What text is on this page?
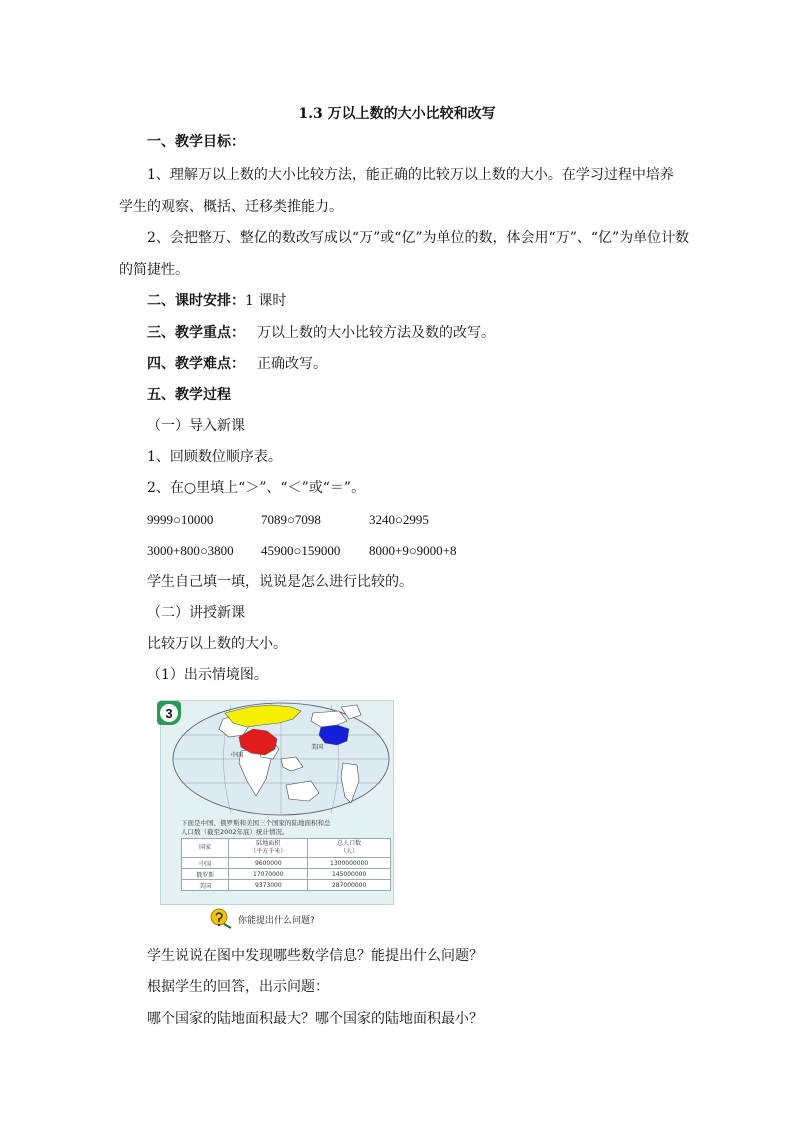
1.3 万以上数的大小比较和改写
一、教学目标：
1、理解万以上数的大小比较方法，能正确的比较万以上数的大小。在学习过程中培养
学生的观察、概括、迁移类推能力。
2、会把整万、整亿的数改写成以“万”或“亿”为单位的数，体会用“万”、“亿”为单位计数
的简捷性。
二、课时安排：1 课时
三、教学重点： 万以上数的大小比较方法及数的改写。
四、教学难点： 正确改写。
五、教学过程
（一）导入新课
1、回顾数位顺序表。
2、在○里填上“＞”、“＜”或“＝”。
9999○10000	7089○7098	3240○2995
3000+800○3800 45900○159000 8000+9○9000+8
学生自己填一填，说说是怎么进行比较的。
（二）讲授新课
比较万以上数的大小。
（1）出示情境图。
中国
美国
3
下面是中国、俄罗斯和美国三个国家的陆地面积和总
人口数（截至2002年底）统计情况。
国家	陆地面积
（平方千米）	总人口数
（人）
中国	9600000	1300000000
俄罗斯	17070000	145000000
美国	9373000	287000000
你能提出什么问题?
学生说说在图中发现哪些数学信息？能提出什么问题？
根据学生的回答，出示问题：
哪个国家的陆地面积最大？哪个国家的陆地面积最小？
